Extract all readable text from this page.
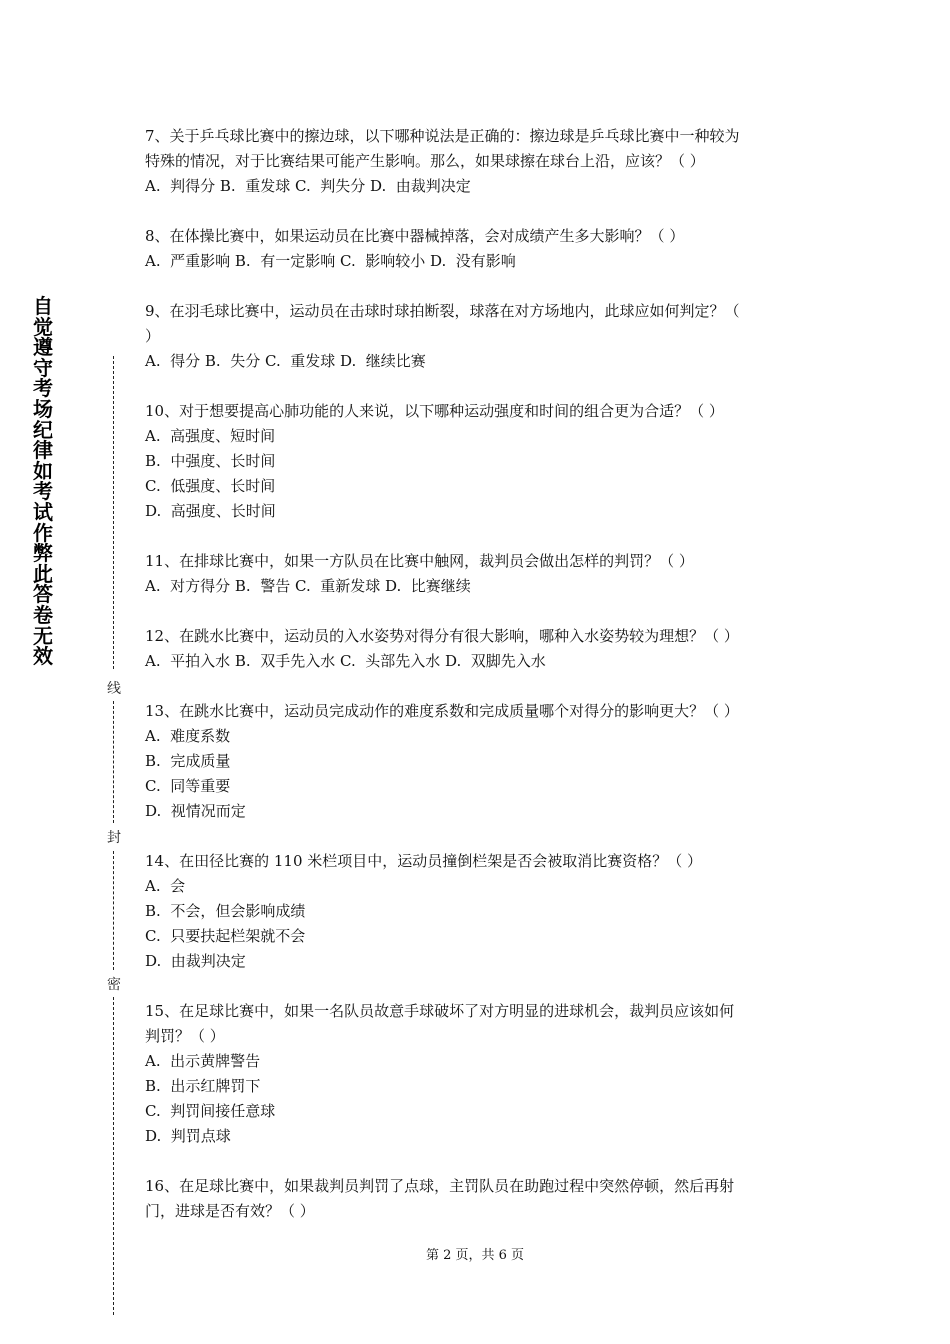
自觉遵守考场纪律如考试作弊此答卷无效
线
封
密
7、关于乒乓球比赛中的擦边球，以下哪种说法是正确的：擦边球是乒乓球比赛中一种较为
特殊的情况，对于比赛结果可能产生影响。那么，如果球擦在球台上沿，应该？（ ）
A.  判得分 B.  重发球 C.  判失分 D.  由裁判决定
8、在体操比赛中，如果运动员在比赛中器械掉落，会对成绩产生多大影响？（ ）
A.  严重影响 B.  有一定影响 C.  影响较小 D.  没有影响
9、在羽毛球比赛中，运动员在击球时球拍断裂，球落在对方场地内，此球应如何判定？（
）
A.  得分 B.  失分 C.  重发球 D.  继续比赛
10、对于想要提高心肺功能的人来说，以下哪种运动强度和时间的组合更为合适？（ ）
A.  高强度、短时间
B.  中强度、长时间
C.  低强度、长时间
D.  高强度、长时间
11、在排球比赛中，如果一方队员在比赛中触网，裁判员会做出怎样的判罚？（ ）
A.  对方得分 B.  警告 C.  重新发球 D.  比赛继续
12、在跳水比赛中，运动员的入水姿势对得分有很大影响，哪种入水姿势较为理想？（ ）
A.  平拍入水 B.  双手先入水 C.  头部先入水 D.  双脚先入水
13、在跳水比赛中，运动员完成动作的难度系数和完成质量哪个对得分的影响更大？（ ）
A.  难度系数
B.  完成质量
C.  同等重要
D.  视情况而定
14、在田径比赛的 110 米栏项目中，运动员撞倒栏架是否会被取消比赛资格？（ ）
A.  会
B.  不会，但会影响成绩
C.  只要扶起栏架就不会
D.  由裁判决定
15、在足球比赛中，如果一名队员故意手球破坏了对方明显的进球机会，裁判员应该如何
判罚？（ ）
A.  出示黄牌警告
B.  出示红牌罚下
C.  判罚间接任意球
D.  判罚点球
16、在足球比赛中，如果裁判员判罚了点球，主罚队员在助跑过程中突然停顿，然后再射
门，进球是否有效？（ ）
第 2 页，共 6 页
